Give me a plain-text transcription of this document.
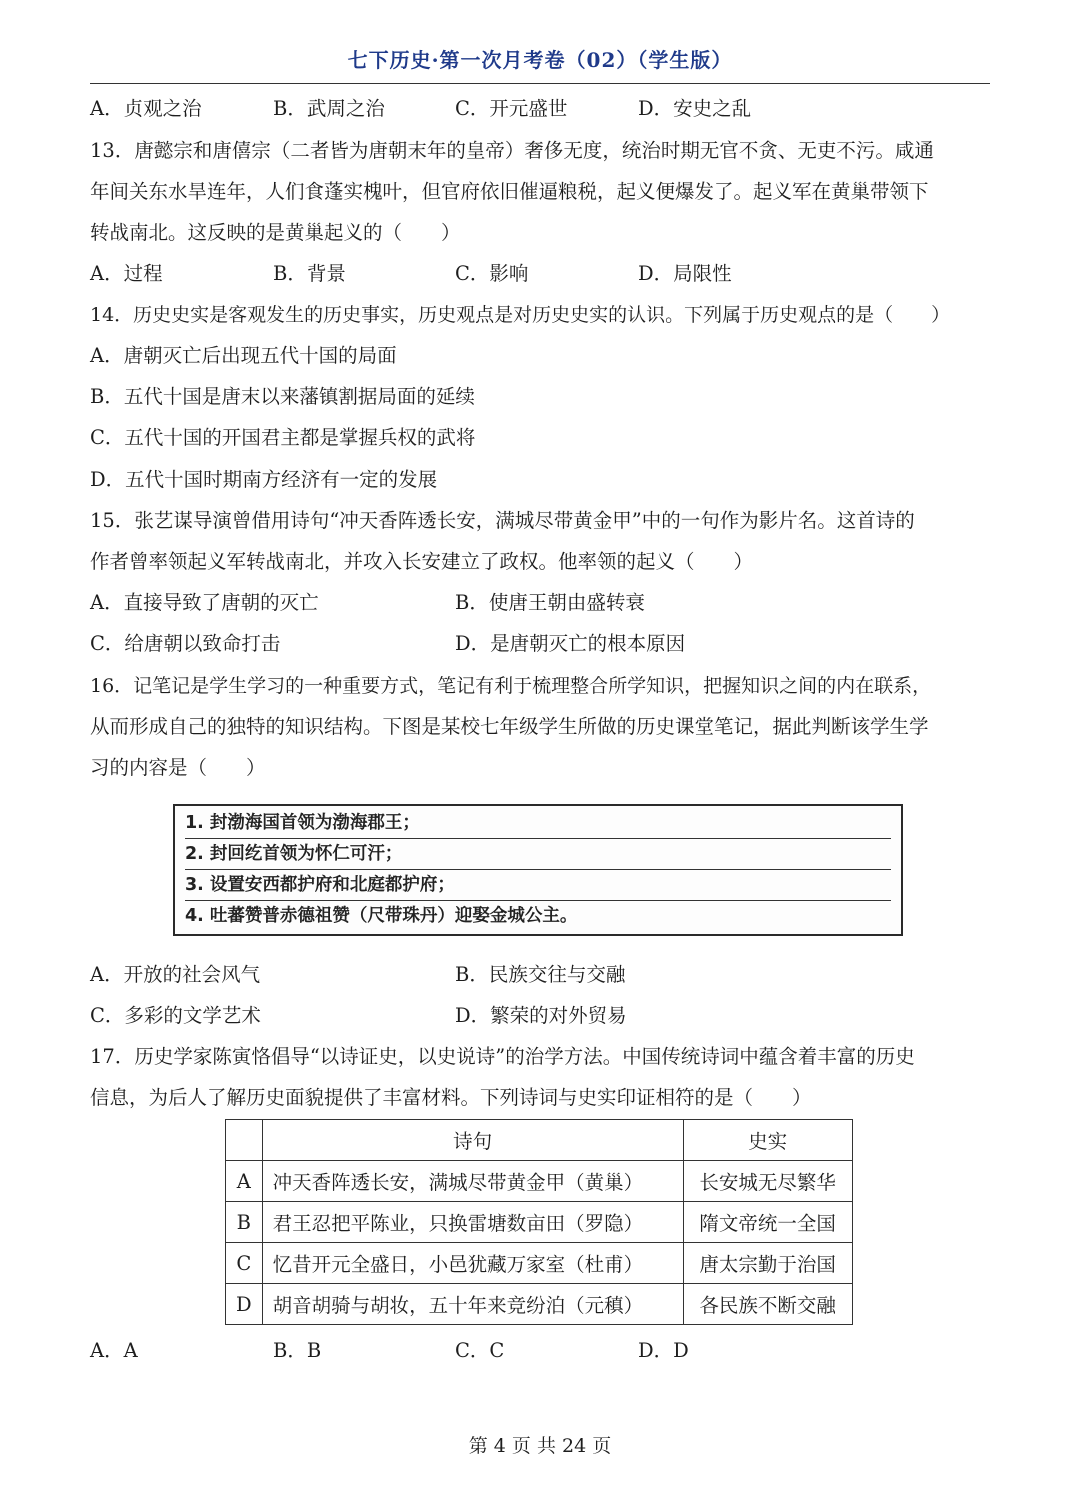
七下历史·第一次月考卷（02）（学生版）
A．贞观之治	B．武周之治	C．开元盛世	D．安史之乱
13．唐懿宗和唐僖宗（二者皆为唐朝末年的皇帝）奢侈无度，统治时期无官不贪、无吏不污。咸通
年间关东水旱连年，人们食蓬实槐叶，但官府依旧催逼粮税，起义便爆发了。起义军在黄巢带领下
转战南北。这反映的是黄巢起义的（　　）
A．过程	B．背景	C．影响	D．局限性
14．历史史实是客观发生的历史事实，历史观点是对历史史实的认识。下列属于历史观点的是（　　）
A．唐朝灭亡后出现五代十国的局面
B．五代十国是唐末以来藩镇割据局面的延续
C．五代十国的开国君主都是掌握兵权的武将
D．五代十国时期南方经济有一定的发展
15．张艺谋导演曾借用诗句“冲天香阵透长安，满城尽带黄金甲”中的一句作为影片名。这首诗的
作者曾率领起义军转战南北，并攻入长安建立了政权。他率领的起义（　　）
A．直接导致了唐朝的灭亡	B．使唐王朝由盛转衰
C．给唐朝以致命打击	D．是唐朝灭亡的根本原因
16．记笔记是学生学习的一种重要方式，笔记有利于梳理整合所学知识，把握知识之间的内在联系，
从而形成自己的独特的知识结构。下图是某校七年级学生所做的历史课堂笔记，据此判断该学生学
习的内容是（　　）
1. 封渤海国首领为渤海郡王；
2. 封回纥首领为怀仁可汗；
3. 设置安西都护府和北庭都护府；
4. 吐蕃赞普赤德祖赞（尺带珠丹）迎娶金城公主。
A．开放的社会风气	B．民族交往与交融
C．多彩的文学艺术	D．繁荣的对外贸易
17．历史学家陈寅恪倡导“以诗证史，以史说诗”的治学方法。中国传统诗词中蕴含着丰富的历史
信息，为后人了解历史面貌提供了丰富材料。下列诗词与史实印证相符的是（　　）
	诗句	史实
A	冲天香阵透长安，满城尽带黄金甲（黄巢）	长安城无尽繁华
B	君王忍把平陈业，只换雷塘数亩田（罗隐）	隋文帝统一全国
C	忆昔开元全盛日，小邑犹藏万家室（杜甫）	唐太宗勤于治国
D	胡音胡骑与胡妆，五十年来竞纷泊（元稹）	各民族不断交融
A．A	B．B	C．C	D．D
第 4 页 共 24 页
